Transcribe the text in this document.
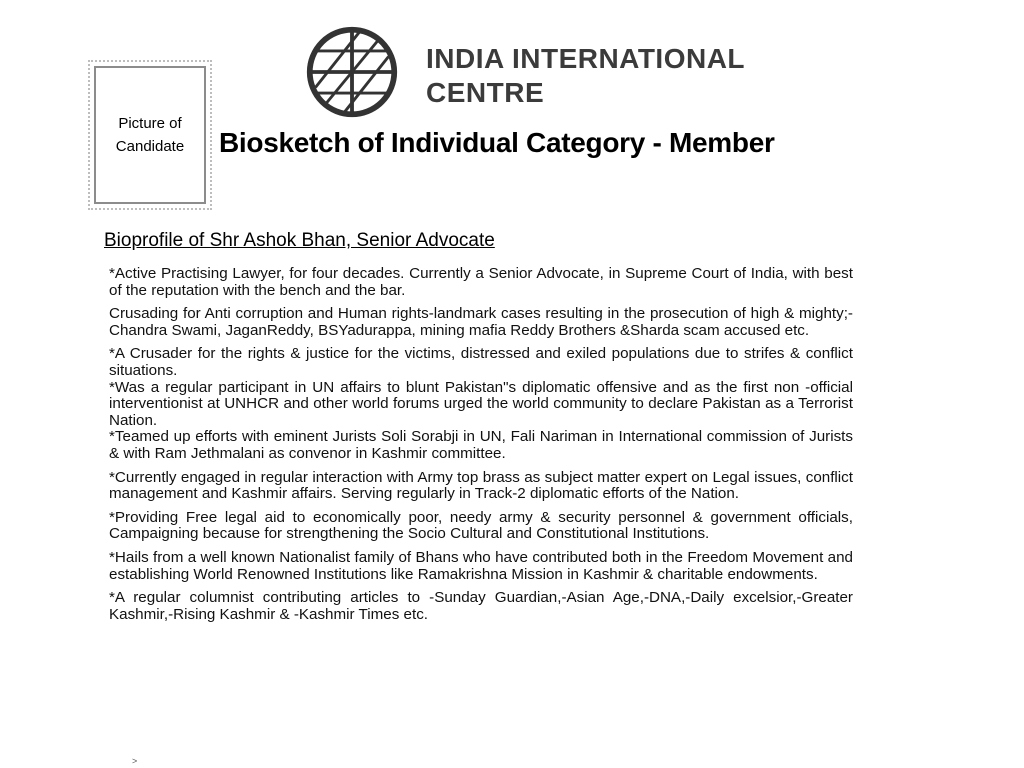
Picture of
Candidate
INDIA INTERNATIONAL
CENTRE
Biosketch of Individual Category - Member
Bioprofile of Shr Ashok Bhan, Senior Advocate

*Active Practising Lawyer, for four decades. Currently a Senior Advocate, in Supreme Court of India, with best of the reputation with the bench and the bar.

Crusading for Anti corruption and Human rights-landmark cases resulting in the prosecution of high & mighty;-Chandra Swami, JaganReddy, BSYadurappa, mining mafia Reddy Brothers &Sharda scam accused etc.

*A Crusader for the rights & justice for the victims, distressed and exiled populations due to strifes & conflict situations.

*Was a regular participant in UN affairs to blunt Pakistan"s diplomatic offensive and as the first non -official interventionist at UNHCR and other world forums urged the world community to declare Pakistan as a Terrorist Nation.

*Teamed up efforts with eminent Jurists Soli Sorabji in UN, Fali Nariman in International commission of Jurists & with Ram Jethmalani as convenor in Kashmir committee.

*Currently engaged in regular interaction with Army top brass as subject matter expert on Legal issues, conflict management and Kashmir affairs. Serving regularly in Track-2 diplomatic efforts of the Nation.

*Providing Free legal aid to economically poor, needy army & security personnel & government officials, Campaigning because for strengthening the Socio Cultural and Constitutional Institutions.

*Hails from a well known Nationalist family of Bhans who have contributed both in the Freedom Movement and establishing World Renowned Institutions like Ramakrishna Mission in Kashmir & charitable endowments.

*A regular columnist contributing articles to -Sunday Guardian,-Asian Age,-DNA,-Daily excelsior,-Greater Kashmir,-Rising Kashmir & -Kashmir Times etc.

>
